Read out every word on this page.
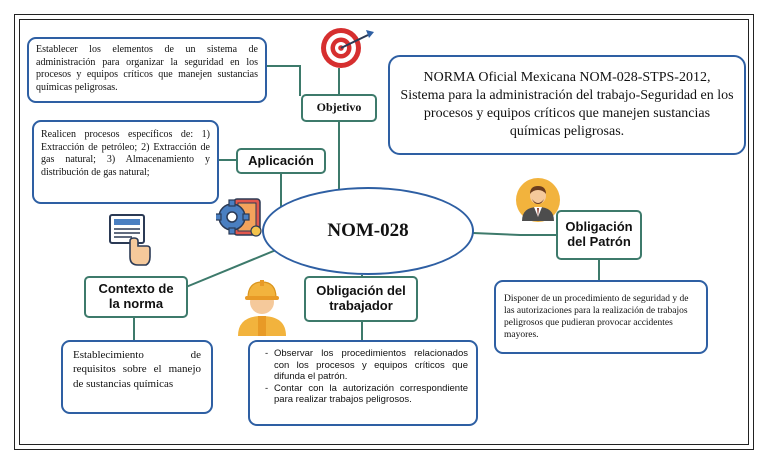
Establecer los elementos de un sistema de administración para organizar la seguridad en los procesos y equipos críticos que manejen sustancias químicas peligrosas.
Objetivo
NORMA Oficial Mexicana NOM-028-STPS-2012, Sistema para la administración del trabajo-Seguridad en los procesos y equipos críticos que manejen sustancias químicas peligrosas.
Realicen procesos específicos de: 1) Extracción de petróleo; 2) Extracción de gas natural; 3) Almacenamiento y distribución de gas natural;
Aplicación
NOM-028	Obligación del Patrón
Disponer de un procedimiento de seguridad y de las autorizaciones para la realización de trabajos peligrosos que pudieran provocar accidentes mayores.
Contexto de la norma
Establecimiento de requisitos sobre el manejo de sustancias químicas
Obligación del trabajador
- Observar los procedimientos relacionados con los procesos y equipos críticos que difunda el patrón.
- Contar con la autorización correspondiente para realizar trabajos peligrosos.
